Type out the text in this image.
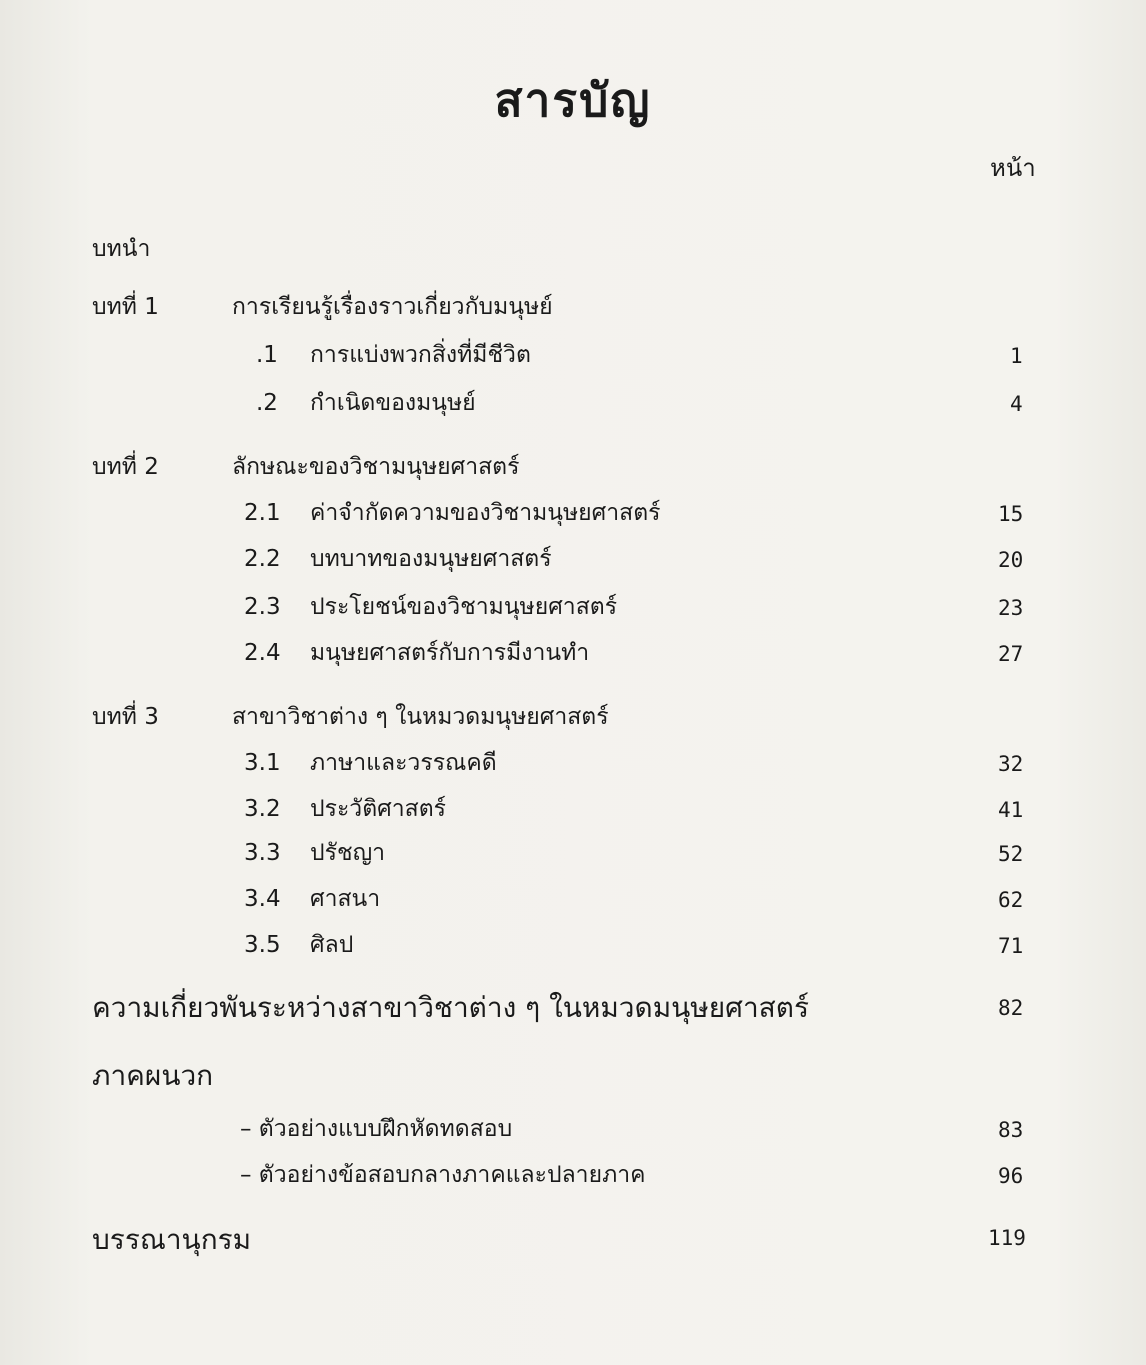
สารบัญ
หน้า
บทนำ
บทที่ 1	การเรียนรู้เรื่องราวเกี่ยวกับมนุษย์
.1 การแบ่งพวกสิ่งที่มีชีวิต	1
.2 กำเนิดของมนุษย์	4
บทที่ 2	ลักษณะของวิชามนุษยศาสตร์
2.1 ค่าจำกัดความของวิชามนุษยศาสตร์	15
2.2 บทบาทของมนุษยศาสตร์	20
2.3 ประโยชน์ของวิชามนุษยศาสตร์	23
2.4 มนุษยศาสตร์กับการมีงานทำ	27
บทที่ 3	สาขาวิชาต่าง ๆ ในหมวดมนุษยศาสตร์
3.1 ภาษาและวรรณคดี	32
3.2 ประวัติศาสตร์	41
3.3 ปรัชญา	52
3.4 ศาสนา	62
3.5 ศิลป	71
ความเกี่ยวพันระหว่างสาขาวิชาต่าง ๆ ในหมวดมนุษยศาสตร์	82
ภาคผนวก
– ตัวอย่างแบบฝึกหัดทดสอบ	83
– ตัวอย่างข้อสอบกลางภาคและปลายภาค	96
บรรณานุกรม	119
